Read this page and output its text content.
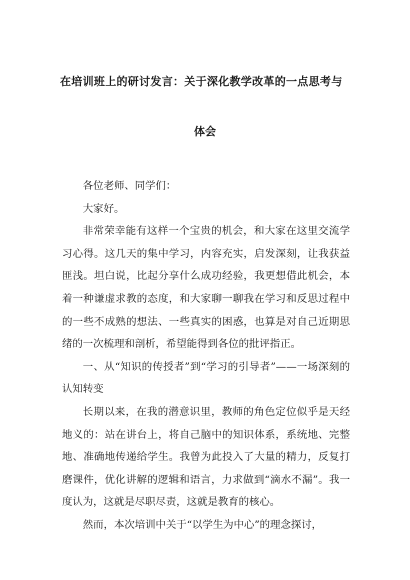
在培训班上的研讨发言：关于深化教学改革的一点思考与
体会

各位老师、同学们：

大家好。

非常荣幸能有这样一个宝贵的机会，和大家在这里交流学习心得。这几天的集中学习，内容充实，启发深刻，让我获益匪浅。坦白说，比起分享什么成功经验，我更想借此机会，本着一种谦虚求教的态度，和大家聊一聊我在学习和反思过程中的一些不成熟的想法、一些真实的困惑，也算是对自己近期思绪的一次梳理和剖析，希望能得到各位的批评指正。

一、从“知识的传授者”到“学习的引导者”——一场深刻的认知转变

长期以来，在我的潜意识里，教师的角色定位似乎是天经地义的：站在讲台上，将自己脑中的知识体系，系统地、完整地、准确地传递给学生。我曾为此投入了大量的精力，反复打磨课件，优化讲解的逻辑和语言，力求做到“滴水不漏”。我一度认为，这就是尽职尽责，这就是教育的核心。

然而，本次培训中关于“以学生为中心”的理念探讨，
